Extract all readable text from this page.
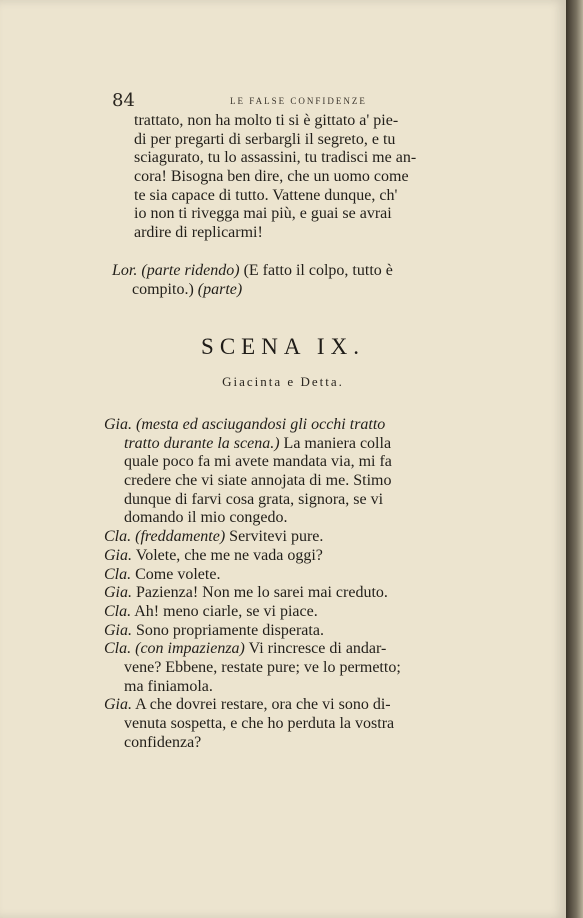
84	LE FALSE CONFIDENZE
trattato, non ha molto ti si è gittato a' pie-
di per pregarti di serbargli il segreto, e tu
sciagurato, tu lo assassini, tu tradisci me an-
cora! Bisogna ben dire, che un uomo come
te sia capace di tutto. Vattene dunque, ch'
io non ti rivegga mai più, e guai se avrai
ardire di replicarmi!
Lor. (parte ridendo) (E fatto il colpo, tutto è
compito.) (parte)
SCENA IX.
Giacinta e Detta.
Gia. (mesta ed asciugandosi gli occhi tratto
tratto durante la scena.) La maniera colla
quale poco fa mi avete mandata via, mi fa
credere che vi siate annojata di me. Stimo
dunque di farvi cosa grata, signora, se vi
domando il mio congedo.
Cla. (freddamente) Servitevi pure.
Gia. Volete, che me ne vada oggi?
Cla. Come volete.
Gia. Pazienza! Non me lo sarei mai creduto.
Cla. Ah! meno ciarle, se vi piace.
Gia. Sono propriamente disperata.
Cla. (con impazienza) Vi rincresce di andar-
vene? Ebbene, restate pure; ve lo permetto;
ma finiamola.
Gia. A che dovrei restare, ora che vi sono di-
venuta sospetta, e che ho perduta la vostra
confidenza?
